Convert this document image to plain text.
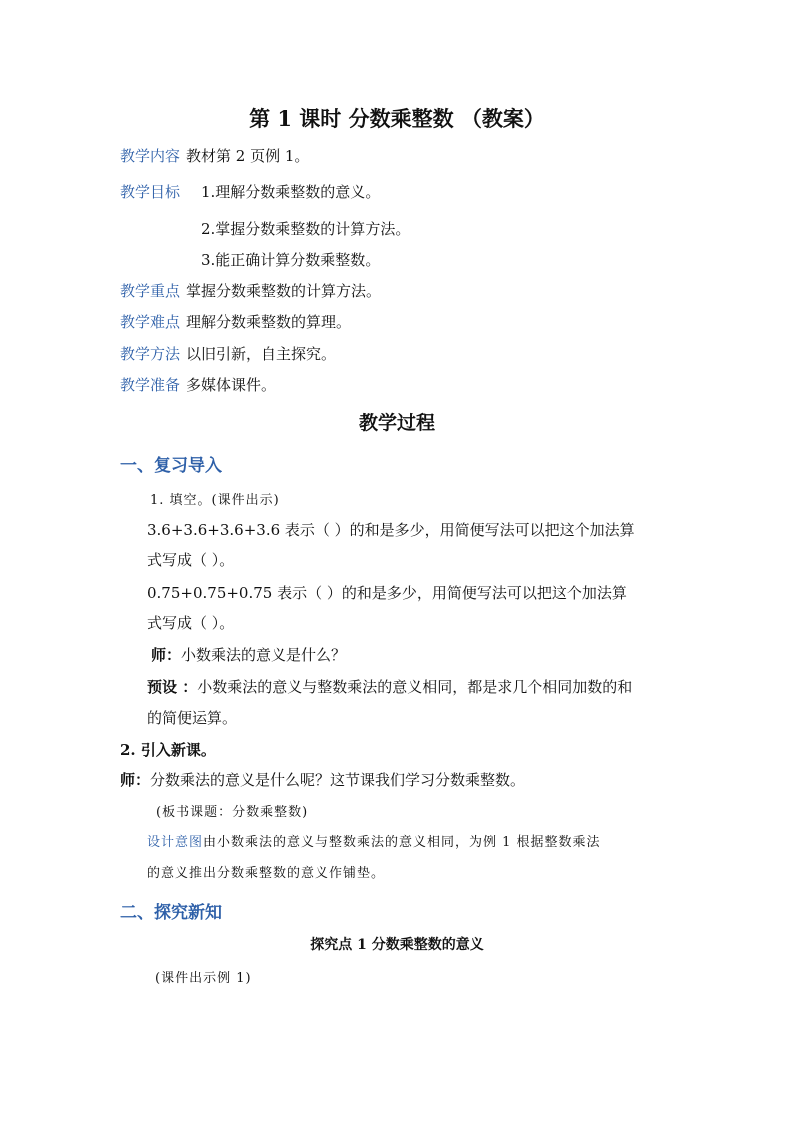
第 1 课时 分数乘整数 （教案）
教学内容 教材第 2 页例 1。
教学目标 1.理解分数乘整数的意义。
2.掌握分数乘整数的计算方法。
3.能正确计算分数乘整数。
教学重点 掌握分数乘整数的计算方法。
教学难点 理解分数乘整数的算理。
教学方法 以旧引新，自主探究。
教学准备 多媒体课件。
教学过程
一、复习导入
1. 填空。(课件出示)
3.6+3.6+3.6+3.6 表示（ ）的和是多少，用简便写法可以把这个加法算
式写成（ ）。
0.75+0.75+0.75 表示（ ）的和是多少，用简便写法可以把这个加法算
式写成（ ）。
师：小数乘法的意义是什么？
预设 ：小数乘法的意义与整数乘法的意义相同，都是求几个相同加数的和
的简便运算。
2. 引入新课。
师：分数乘法的意义是什么呢？这节课我们学习分数乘整数。
(板书课题：分数乘整数)
设计意图由小数乘法的意义与整数乘法的意义相同，为例 1 根据整数乘法
的意义推出分数乘整数的意义作铺垫。
二、探究新知
探究点 1 分数乘整数的意义
(课件出示例 1)
